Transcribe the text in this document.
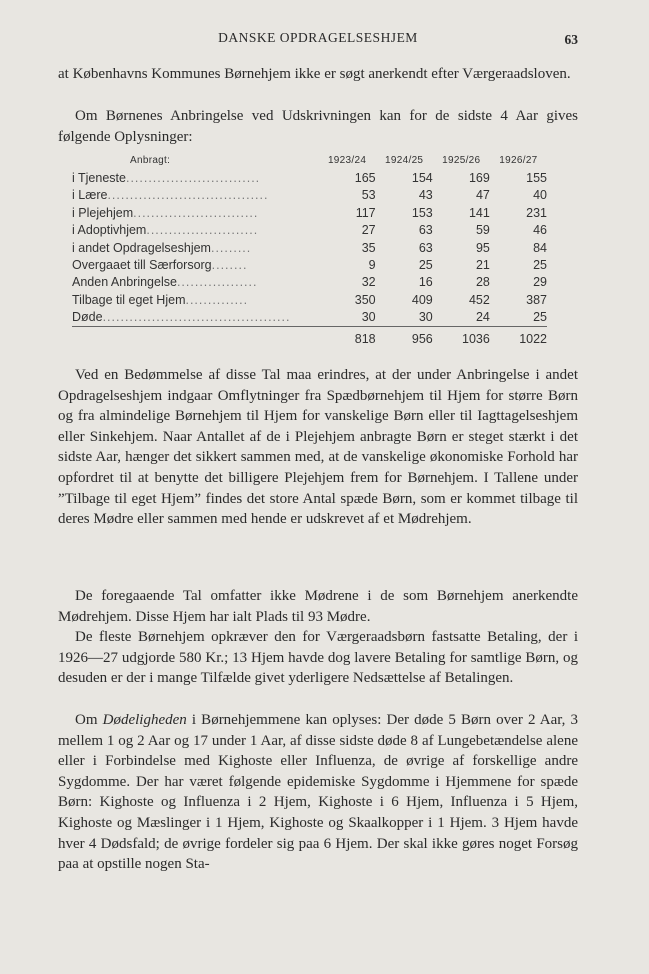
DANSKE OPDRAGELSESHJEM	63

at Københavns Kommunes Børnehjem ikke er søgt anerkendt efter Værgeraadsloven.

Om Børnenes Anbringelse ved Udskrivningen kan for de sidste 4 Aar gives følgende Oplysninger:

Anbragt:	1923/24	1924/25	1925/26	1926/27
i Tjeneste..............................	165	154	169	155
i Lære....................................	53	43	47	40
i Plejehjem............................	117	153	141	231
i Adoptivhjem.........................	27	63	59	46
i andet Opdragelseshjem.........	35	63	95	84
Overgaaet till Særforsorg........	9	25	21	25
Anden Anbringelse..................	32	16	28	29
Tilbage til eget Hjem..............	350	409	452	387
Døde..........................................	30	30	24	25
	818	956	1036	1022

Ved en Bedømmelse af disse Tal maa erindres, at der under Anbringelse i andet Opdragelseshjem indgaar Omflytninger fra Spædbørnehjem til Hjem for større Børn og fra almindelige Børnehjem til Hjem for vanskelige Børn eller til Iagttagelseshjem eller Sinkehjem. Naar Antallet af de i Plejehjem anbragte Børn er steget stærkt i det sidste Aar, hænger det sikkert sammen med, at de vanskelige økonomiske Forhold har opfordret til at benytte det billigere Plejehjem frem for Børnehjem. I Tallene under ”Tilbage til eget Hjem” findes det store Antal spæde Børn, som er kommet tilbage til deres Mødre eller sammen med hende er udskrevet af et Mødrehjem.

De foregaaende Tal omfatter ikke Mødrene i de som Børnehjem anerkendte Mødrehjem. Disse Hjem har ialt Plads til 93 Mødre.

De fleste Børnehjem opkræver den for Værgeraadsbørn fastsatte Betaling, der i 1926—27 udgjorde 580 Kr.; 13 Hjem havde dog lavere Betaling for samtlige Børn, og desuden er der i mange Tilfælde givet yderligere Nedsættelse af Betalingen.

Om Dødeligheden i Børnehjemmene kan oplyses: Der døde 5 Børn over 2 Aar, 3 mellem 1 og 2 Aar og 17 under 1 Aar, af disse sidste døde 8 af Lungebetændelse alene eller i Forbindelse med Kighoste eller Influenza, de øvrige af forskellige andre Sygdomme. Der har været følgende epidemiske Sygdomme i Hjemmene for spæde Børn: Kighoste og Influenza i 2 Hjem, Kighoste i 6 Hjem, Influenza i 5 Hjem, Kighoste og Mæslinger i 1 Hjem, Kighoste og Skaalkopper i 1 Hjem. 3 Hjem havde hver 4 Dødsfald; de øvrige fordeler sig paa 6 Hjem. Der skal ikke gøres noget Forsøg paa at opstille nogen Sta-
